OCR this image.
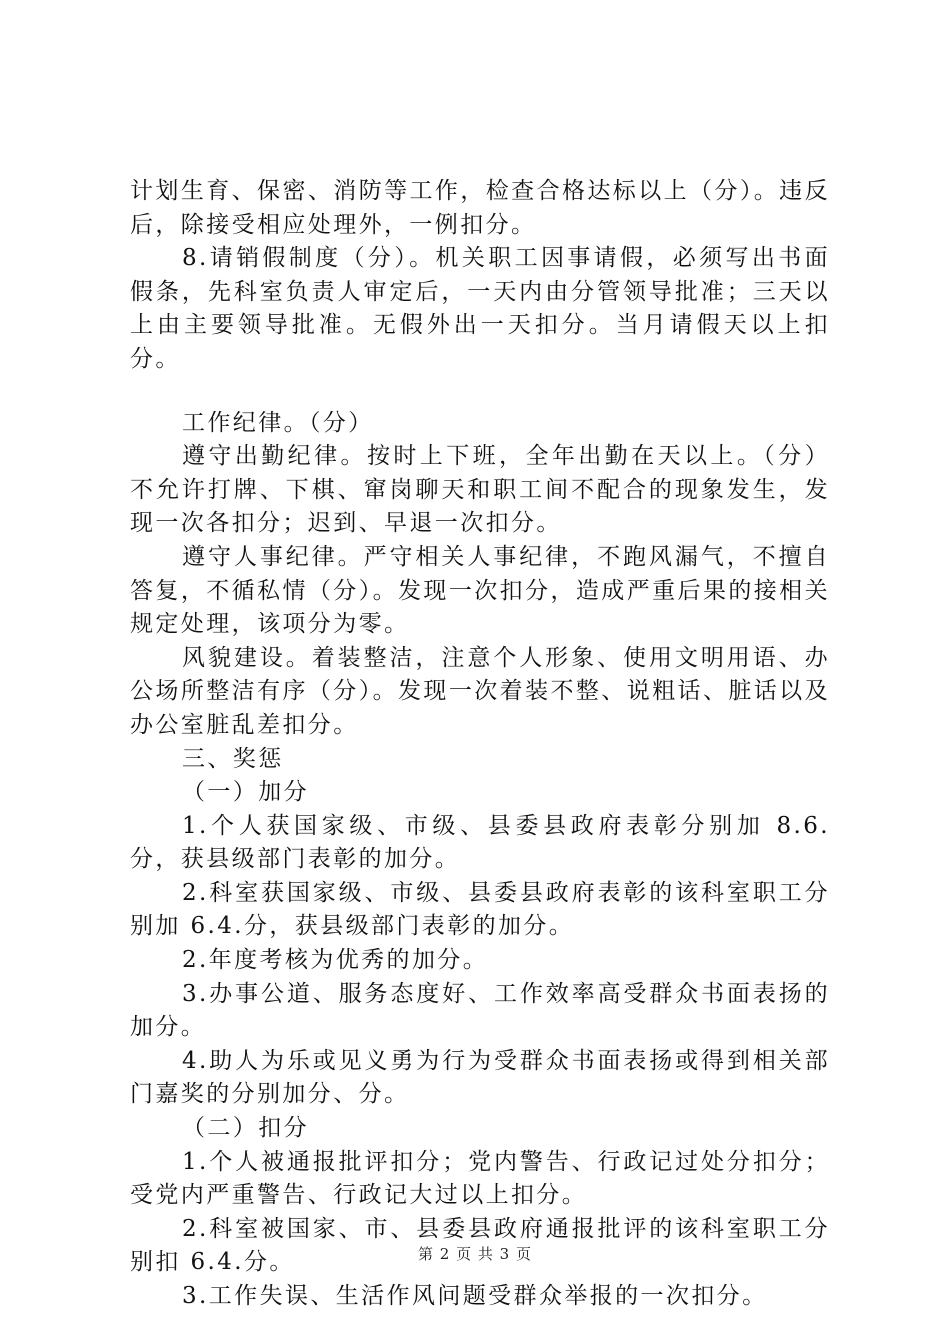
计划生育、保密、消防等工作，检查合格达标以上（分）。违反后，除接受相应处理外，一例扣分。

8.请销假制度（分）。机关职工因事请假，必须写出书面假条，先科室负责人审定后，一天内由分管领导批准；三天以上由主要领导批准。无假外出一天扣分。当月请假天以上扣分。

工作纪律。（分）

遵守出勤纪律。按时上下班，全年出勤在天以上。（分）不允许打牌、下棋、窜岗聊天和职工间不配合的现象发生，发现一次各扣分；迟到、早退一次扣分。

遵守人事纪律。严守相关人事纪律，不跑风漏气，不擅自答复，不循私情（分）。发现一次扣分，造成严重后果的接相关规定处理，该项分为零。

风貌建设。着装整洁，注意个人形象、使用文明用语、办公场所整洁有序（分）。发现一次着装不整、说粗话、脏话以及办公室脏乱差扣分。

三、奖惩

（一）加分

1.个人获国家级、市级、县委县政府表彰分别加 8.6.分，获县级部门表彰的加分。

2.科室获国家级、市级、县委县政府表彰的该科室职工分别加 6.4.分，获县级部门表彰的加分。

2.年度考核为优秀的加分。

3.办事公道、服务态度好、工作效率高受群众书面表扬的加分。

4.助人为乐或见义勇为行为受群众书面表扬或得到相关部门嘉奖的分别加分、分。

（二）扣分

1.个人被通报批评扣分；党内警告、行政记过处分扣分；受党内严重警告、行政记大过以上扣分。

2.科室被国家、市、县委县政府通报批评的该科室职工分别扣 6.4.分。

3.工作失误、生活作风问题受群众举报的一次扣分。

第 2 页 共 3 页
